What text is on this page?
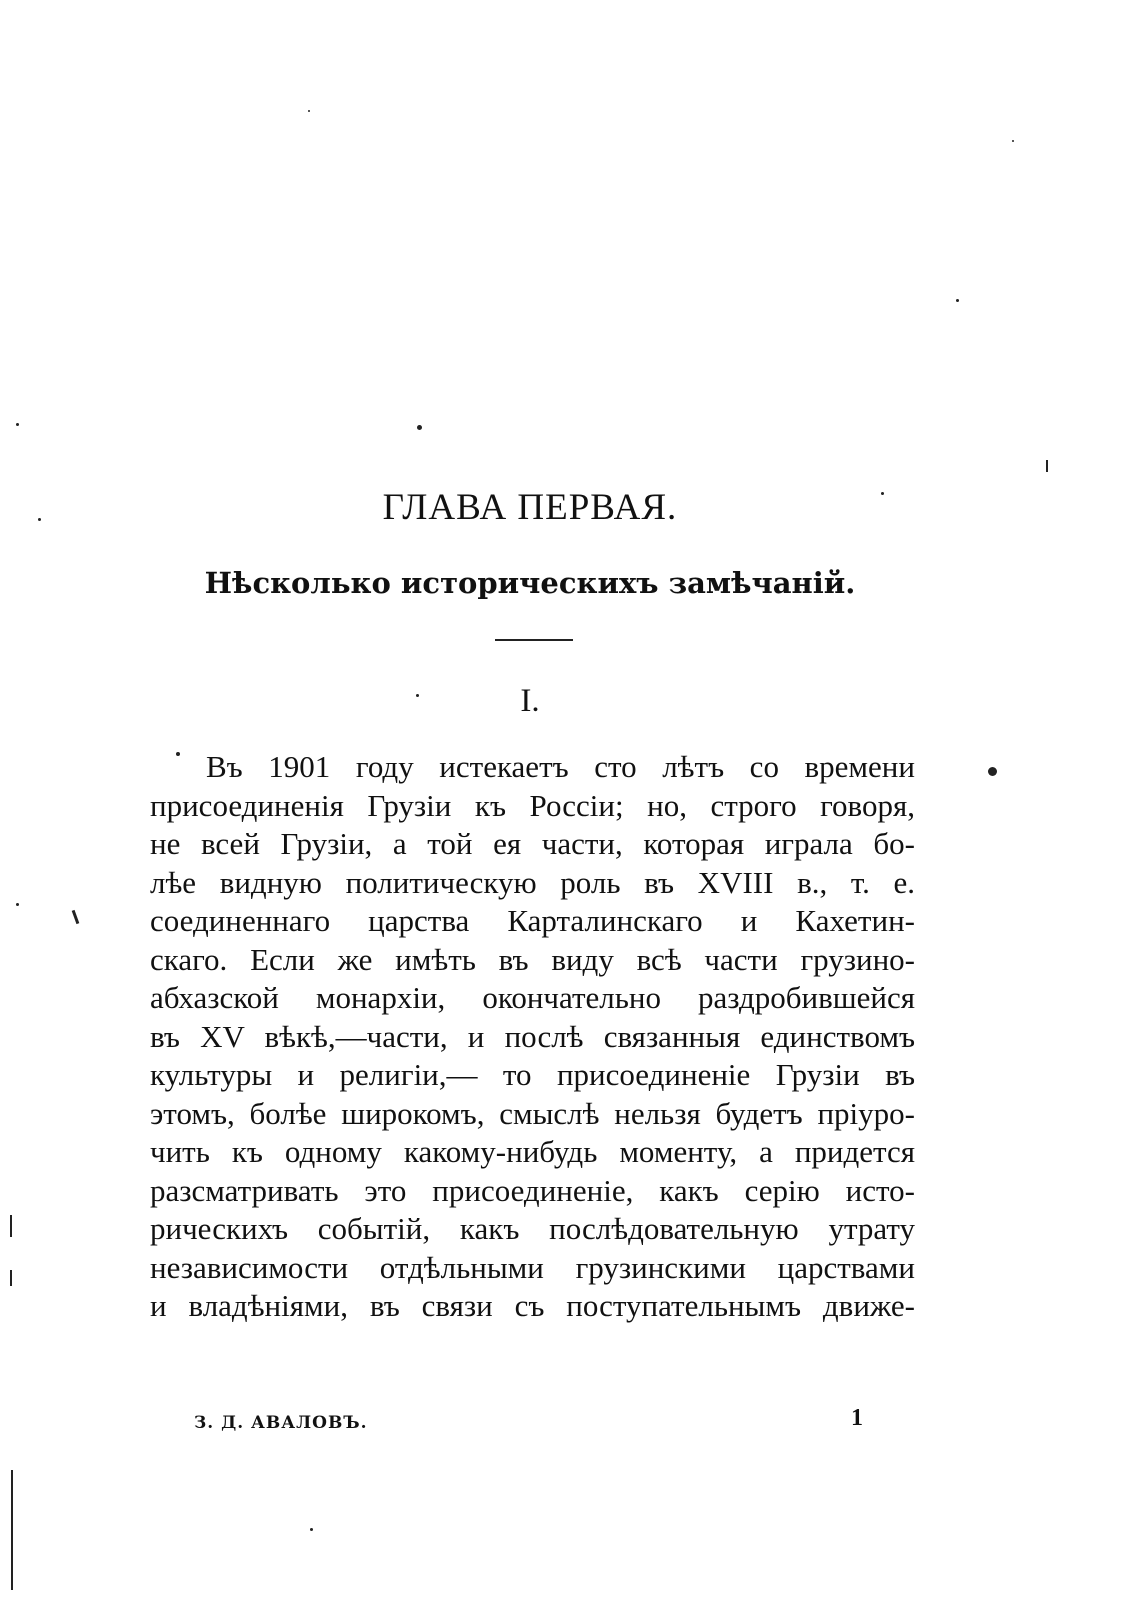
ГЛАВА ПЕРВАЯ.
Нѣсколько историческихъ замѣчаній.
I.
Въ 1901 году истекаетъ сто лѣтъ со времени
присоединенія Грузіи къ Россіи; но, строго говоря,
не всей Грузіи, а той ея части, которая играла бо-
лѣе видную политическую роль въ XVIII в., т. е.
соединеннаго царства Карталинскаго и Кахетин-
скаго. Если же имѣть въ виду всѣ части грузино-
абхазской монархіи, окончательно раздробившейся
въ XV вѣкѣ,—части, и послѣ связанныя единствомъ
культуры и религіи,— то присоединеніе Грузіи въ
этомъ, болѣе широкомъ, смыслѣ нельзя будетъ пріуро-
чить къ одному какому-нибудь моменту, а придется
разсматривать это присоединеніе, какъ серію исто-
рическихъ событій, какъ послѣдовательную утрату
независимости отдѣльными грузинскими царствами
и владѣніями, въ связи съ поступательнымъ движе-
З. Д. АВАЛОВЪ.	1
